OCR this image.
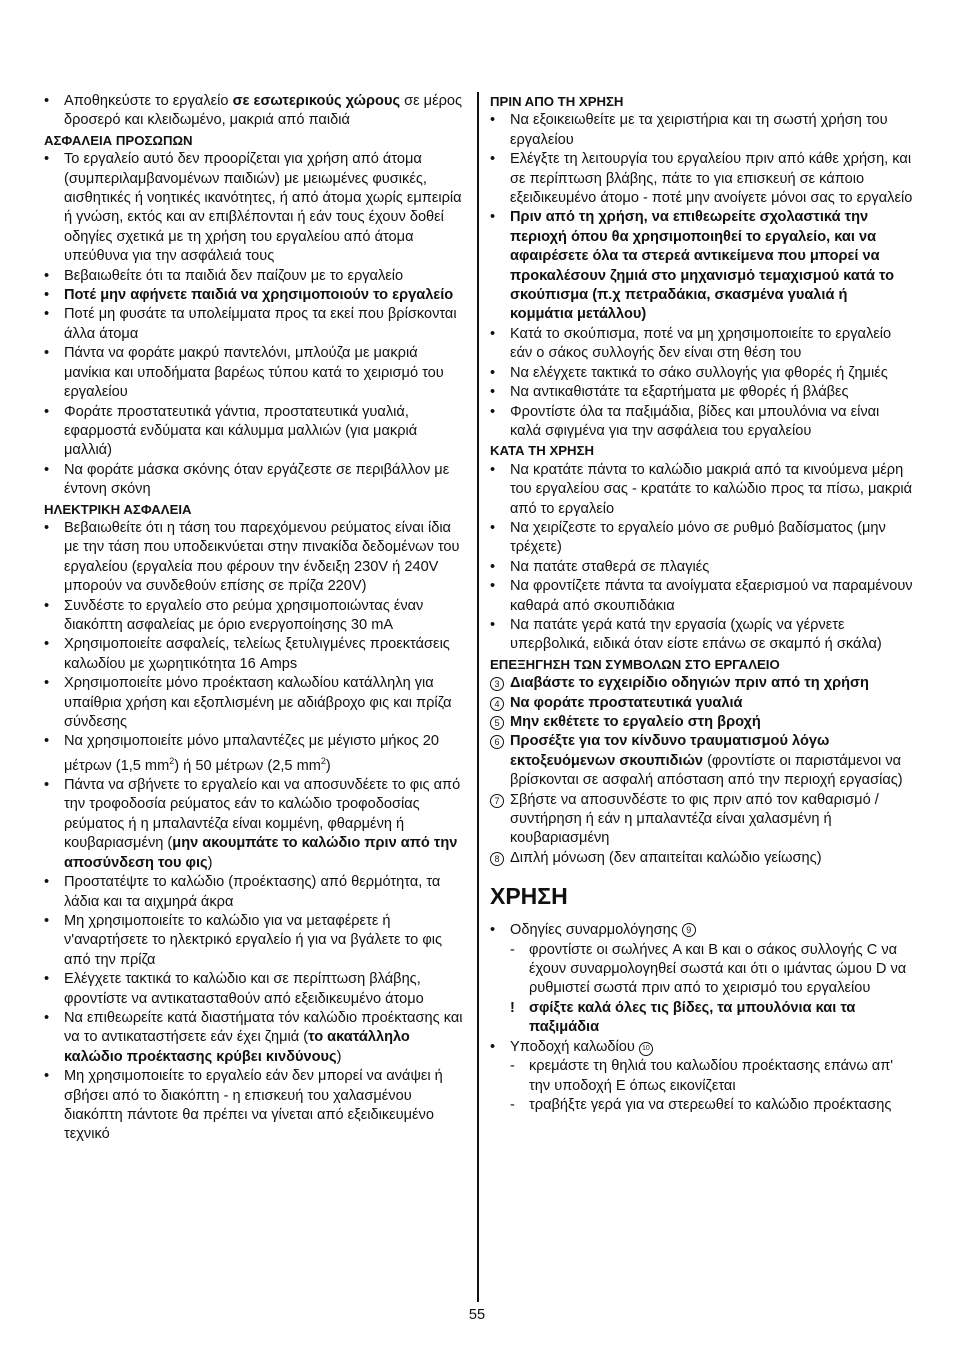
• Αποθηκεύστε το εργαλείο σε εσωτερικούς χώρους σε μέρος δροσερό και κλειδωμένο, μακριά από παιδιά
ΑΣΦΑΛΕΙΑ ΠΡΟΣΩΠΩΝ
• Το εργαλείο αυτό δεν προορίζεται για χρήση από άτομα (συμπεριλαμβανομένων παιδιών) με μειωμένες φυσικές, αισθητικές ή νοητικές ικανότητες, ή από άτομα χωρίς εμπειρία ή γνώση, εκτός και αν επιβλέπονται ή εάν τους έχουν δοθεί οδηγίες σχετικά με τη χρήση του εργαλείου από άτομα υπεύθυνα για την ασφάλειά τους
• Βεβαιωθείτε ότι τα παιδιά δεν παίζουν με το εργαλείο
• Ποτέ μην αφήνετε παιδιά να χρησιμοποιούν το εργαλείο
• Ποτέ μη φυσάτε τα υπολείμματα προς τα εκεί που βρίσκονται άλλα άτομα
• Πάντα να φοράτε μακρύ παντελόνι, μπλούζα με μακριά μανίκια και υποδήματα βαρέως τύπου κατά το χειρισμό του εργαλείου
• Φοράτε προστατευτικά γάντια, προστατευτικά γυαλιά, εφαρμοστά ενδύματα και κάλυμμα μαλλιών (για μακριά μαλλιά)
• Να φοράτε μάσκα σκόνης όταν εργάζεστε σε περιβάλλον με έντονη σκόνη
ΗΛΕΚΤΡΙΚΗ ΑΣΦΑΛΕΙΑ
• Βεβαιωθείτε ότι η τάση του παρεχόμενου ρεύματος είναι ίδια με την τάση που υποδεικνύεται στην πινακίδα δεδομένων του εργαλείου (εργαλεία που φέρουν την ένδειξη 230V ή 240V μπορούν να συνδεθούν επίσης σε πρίζα 220V)
• Συνδέστε το εργαλείο στο ρεύμα χρησιμοποιώντας έναν διακόπτη ασφαλείας με όριο ενεργοποίησης 30 mA
• Χρησιμοποιείτε ασφαλείς, τελείως ξετυλιγμένες προεκτάσεις καλωδίου με χωρητικότητα 16 Amps
• Χρησιμοποιείτε μόνο προέκταση καλωδίου κατάλληλη για υπαίθρια χρήση και εξοπλισμένη με αδιάβροχο φις και πρίζα σύνδεσης
• Να χρησιμοποιείτε μόνο μπαλαντέζες με μέγιστο μήκος 20 μέτρων (1,5 $mm^2$) ή 50 μέτρων (2,5 $mm^2$)
• Πάντα να σβήνετε το εργαλείο και να αποσυνδέετε το φις από την τροφοδοσία ρεύματος εάν το καλώδιο τροφοδοσίας ρεύματος ή η μπαλαντέζα είναι κομμένη, φθαρμένη ή κουβαριασμένη (μην ακουμπάτε το καλώδιο πριν από την αποσύνδεση του φις)
• Προστατέψτε το καλώδιο (προέκτασης) από θερμότητα, τα λάδια και τα αιχμηρά άκρα
• Μη χρησιμοποιείτε το καλώδιο για να μεταφέρετε ή ν'αναρτήσετε το ηλεκτρικό εργαλείο ή για να βγάλετε το φις από την πρίζα
• Ελέγχετε τακτικά το καλώδιο και σε περίπτωση βλάβης, φροντίστε να αντικατασταθούν από εξειδικευμένο άτομο
• Να επιθεωρείτε κατά διαστήματα τόν καλώδιο προέκτασης και να το αντικαταστήσετε εάν έχει ζημιά (το ακατάλληλο καλώδιο προέκτασης κρύβει κινδύνους)
• Μη χρησιμοποιείτε το εργαλείο εάν δεν μπορεί να ανάψει ή σβήσει από το διακόπτη - η επισκευή του χαλασμένου διακόπτη πάντοτε θα πρέπει να γίνεται από εξειδικευμένο τεχνικό
ΠΡΙΝ ΑΠΟ ΤΗ ΧΡΗΣΗ
• Να εξοικειωθείτε με τα χειριστήρια και τη σωστή χρήση του εργαλείου
• Ελέγξτε τη λειτουργία του εργαλείου πριν από κάθε χρήση, και σε περίπτωση βλάβης, πάτε το για επισκευή σε κάποιο εξειδικευμένο άτομο - ποτέ μην ανοίγετε μόνοι σας το εργαλείο
• Πριν από τη χρήση, να επιθεωρείτε σχολαστικά την περιοχή όπου θα χρησιμοποιηθεί το εργαλείο, και να αφαιρέσετε όλα τα στερεά αντικείμενα που μπορεί να προκαλέσουν ζημιά στο μηχανισμό τεμαχισμού κατά το σκούπισμα (π.χ πετραδάκια, σκασμένα γυαλιά ή κομμάτια μετάλλου)
• Κατά το σκούπισμα, ποτέ να μη χρησιμοποιείτε το εργαλείο εάν ο σάκος συλλογής δεν είναι στη θέση του
• Να ελέγχετε τακτικά το σάκο συλλογής για φθορές ή ζημιές
• Να αντικαθιστάτε τα εξαρτήματα με φθορές ή βλάβες
• Φροντίστε όλα τα παξιμάδια, βίδες και μπουλόνια να είναι καλά σφιγμένα για την ασφάλεια του εργαλείου
ΚΑΤΑ ΤΗ ΧΡΗΣΗ
• Να κρατάτε πάντα το καλώδιο μακριά από τα κινούμενα μέρη του εργαλείου σας - κρατάτε το καλώδιο προς τα πίσω, μακριά από το εργαλείο
• Να χειρίζεστε το εργαλείο μόνο σε ρυθμό βαδίσματος (μην τρέχετε)
• Να πατάτε σταθερά σε πλαγιές
• Να φροντίζετε πάντα τα ανοίγματα εξαερισμού να παραμένουν καθαρά από σκουπιδάκια
• Να πατάτε γερά κατά την εργασία (χωρίς να γέρνετε υπερβολικά, ειδικά όταν είστε επάνω σε σκαμπό ή σκάλα)
ΕΠΕΞΗΓΗΣΗ ΤΩΝ ΣΥΜΒΟΛΩΝ ΣΤΟ ΕΡΓΑΛΕΙΟ
3 Διαβάστε το εγχειρίδιο οδηγιών πριν από τη χρήση
4 Να φοράτε προστατευτικά γυαλιά
5 Μην εκθέτετε το εργαλείο στη βροχή
6 Προσέξτε για τον κίνδυνο τραυματισμού λόγω εκτοξευόμενων σκουπιδιών (φροντίστε οι παριστάμενοι να βρίσκονται σε ασφαλή απόσταση από την περιοχή εργασίας)
7 Σβήστε να αποσυνδέστε το φις πριν από τον καθαρισμό / συντήρηση ή εάν η μπαλαντέζα είναι χαλασμένη ή κουβαριασμένη
8 Διπλή μόνωση (δεν απαιτείται καλώδιο γείωσης)
ΧΡΗΣΗ
• Οδηγίες συναρμολόγησης 9
- φροντίστε οι σωλήνες A και B και ο σάκος συλλογής C να έχουν συναρμολογηθεί σωστά και ότι ο ιμάντας ώμου D να ρυθμιστεί σωστά πριν από το χειρισμό του εργαλείου
! σφίξτε καλά όλες τις βίδες, τα μπουλόνια και τα παξιμάδια
• Υποδοχή καλωδίου 10
- κρεμάστε τη θηλιά του καλωδίου προέκτασης επάνω απ' την υποδοχή E όπως εικονίζεται
- τραβήξτε γερά για να στερεωθεί το καλώδιο προέκτασης
55
